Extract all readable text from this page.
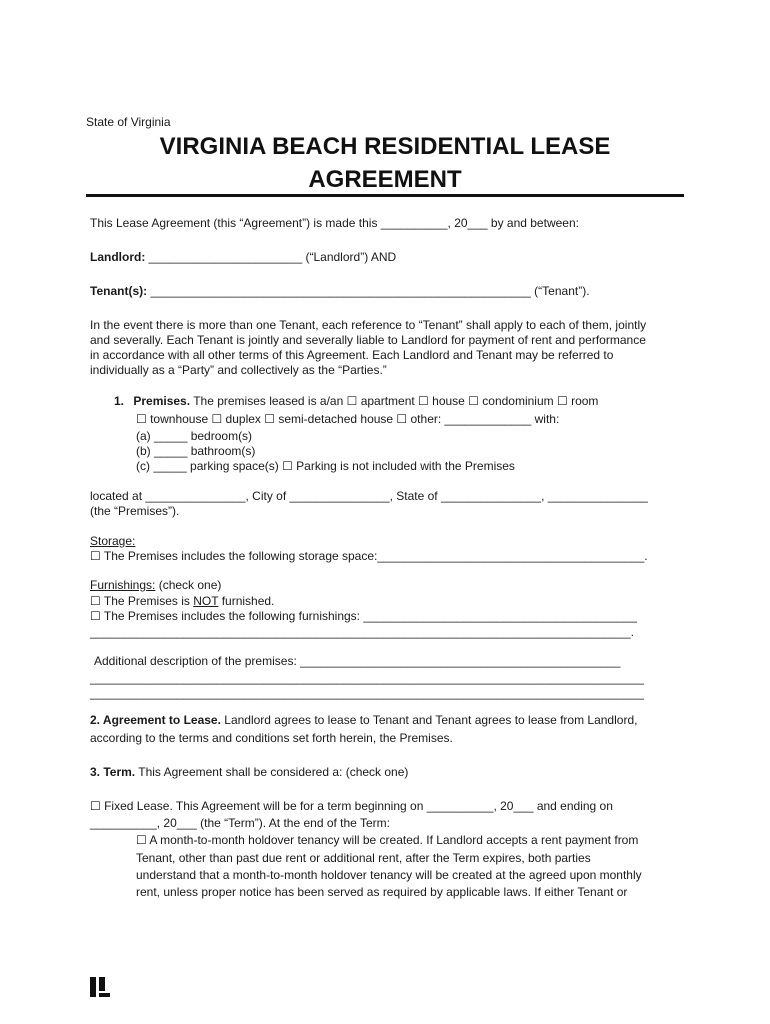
State of Virginia
VIRGINIA BEACH RESIDENTIAL LEASE
AGREEMENT
This Lease Agreement (this “Agreement”) is made this __________, 20___ by and between:
Landlord: _______________________ (“Landlord”) AND
Tenant(s): _________________________________________________________ (“Tenant”).
In the event there is more than one Tenant, each reference to “Tenant” shall apply to each of them, jointly
and severally. Each Tenant is jointly and severally liable to Landlord for payment of rent and performance
in accordance with all other terms of this Agreement. Each Landlord and Tenant may be referred to
individually as a “Party” and collectively as the “Parties.”
1. Premises. The premises leased is a/an ☐ apartment ☐ house ☐ condominium ☐ room
☐ townhouse ☐ duplex ☐ semi-detached house ☐ other: _____________ with:
(a) _____ bedroom(s)
(b) _____ bathroom(s)
(c) _____ parking space(s) ☐ Parking is not included with the Premises
located at _______________, City of _______________, State of _______________, _______________
(the “Premises”).
Storage:
☐ The Premises includes the following storage space:________________________________________.
Furnishings: (check one)
☐ The Premises is NOT furnished.
☐ The Premises includes the following furnishings: _________________________________________
_________________________________________________________________________________.
Additional description of the premises: ________________________________________________
___________________________________________________________________________________
___________________________________________________________________________________
2. Agreement to Lease. Landlord agrees to lease to Tenant and Tenant agrees to lease from Landlord,
according to the terms and conditions set forth herein, the Premises.
3. Term. This Agreement shall be considered a: (check one)
☐ Fixed Lease. This Agreement will be for a term beginning on __________, 20___ and ending on
__________, 20___ (the “Term”). At the end of the Term:
☐ A month-to-month holdover tenancy will be created. If Landlord accepts a rent payment from
Tenant, other than past due rent or additional rent, after the Term expires, both parties
understand that a month-to-month holdover tenancy will be created at the agreed upon monthly
rent, unless proper notice has been served as required by applicable laws. If either Tenant or
